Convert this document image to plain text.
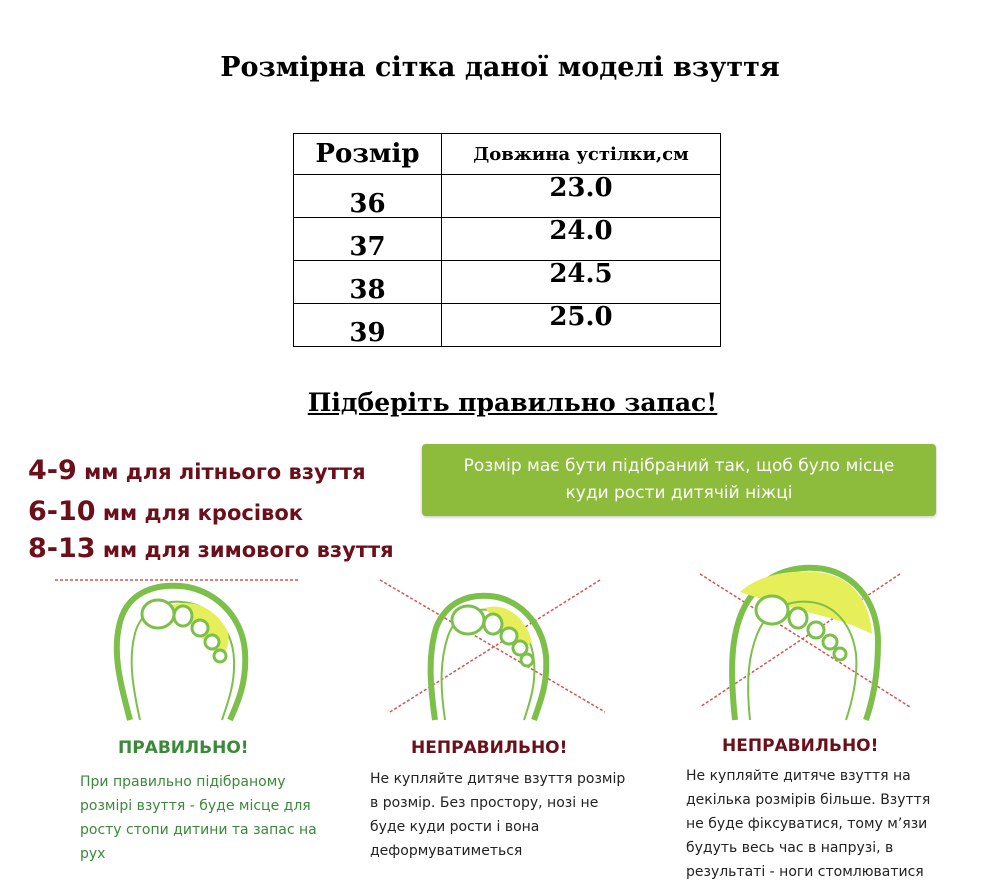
Розмірна сітка даної моделі взуття
Розмір	Довжина устілки,см
36	23.0
37	24.0
38	24.5
39	25.0
Підберіть правильно запас!
4-9 мм для літнього взуття
6-10 мм для кросівок
8-13 мм для зимового взуття
Розмір має бути підібраний так, щоб було місце
куди рости дитячій ніжці
ПРАВИЛЬНО!	НЕПРАВИЛЬНО!	НЕПРАВИЛЬНО!
При правильно підібраному
розмірі взуття - буде місце для
росту стопи дитини та запас на
рух
Не купляйте дитяче взуття розмір
в розмір. Без простору, нозі не
буде куди рости і вона
деформуватиметься
Не купляйте дитяче взуття на
декілька розмірів більше. Взуття
не буде фіксуватися, тому м’язи
будуть весь час в напрузі, в
результаті - ноги стомлюватися
